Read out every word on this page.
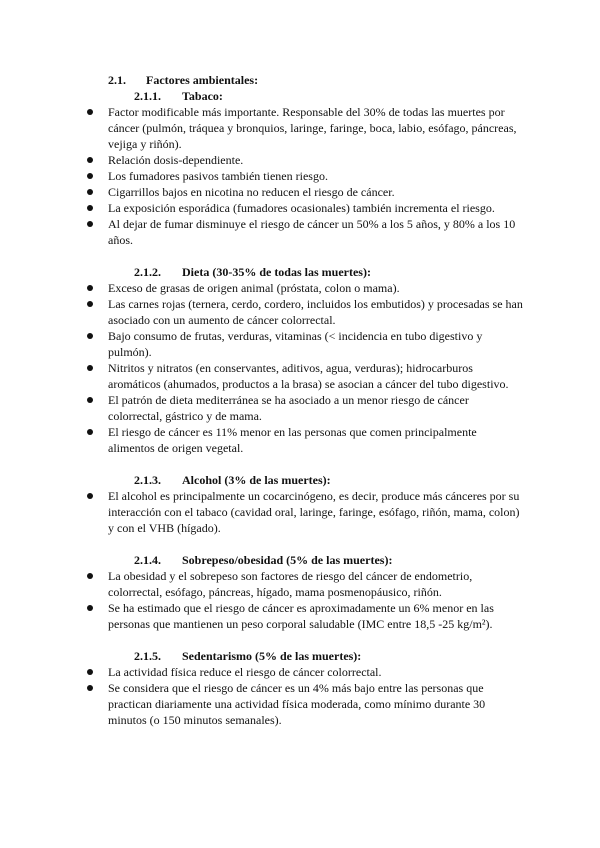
2.1. Factores ambientales:
2.1.1. Tabaco:
Factor modificable más importante. Responsable del 30% de todas las muertes por cáncer (pulmón, tráquea y bronquios, laringe, faringe, boca, labio, esófago, páncreas, vejiga y riñón).
Relación dosis-dependiente.
Los fumadores pasivos también tienen riesgo.
Cigarrillos bajos en nicotina no reducen el riesgo de cáncer.
La exposición esporádica (fumadores ocasionales) también incrementa el riesgo.
Al dejar de fumar disminuye el riesgo de cáncer un 50% a los 5 años, y 80% a los 10 años.
2.1.2. Dieta (30-35% de todas las muertes):
Exceso de grasas de origen animal (próstata, colon o mama).
Las carnes rojas (ternera, cerdo, cordero, incluidos los embutidos) y procesadas se han asociado con un aumento de cáncer colorrectal.
Bajo consumo de frutas, verduras, vitaminas (< incidencia en tubo digestivo y pulmón).
Nitritos y nitratos (en conservantes, aditivos, agua, verduras); hidrocarburos aromáticos (ahumados, productos a la brasa) se asocian a cáncer del tubo digestivo.
El patrón de dieta mediterránea se ha asociado a un menor riesgo de cáncer colorrectal, gástrico y de mama.
El riesgo de cáncer es 11% menor en las personas que comen principalmente alimentos de origen vegetal.
2.1.3. Alcohol (3% de las muertes):
El alcohol es principalmente un cocarcinógeno, es decir, produce más cánceres por su interacción con el tabaco (cavidad oral, laringe, faringe, esófago, riñón, mama, colon) y con el VHB (hígado).
2.1.4. Sobrepeso/obesidad (5% de las muertes):
La obesidad y el sobrepeso son factores de riesgo del cáncer de endometrio, colorrectal, esófago, páncreas, hígado, mama posmenopáusico, riñón.
Se ha estimado que el riesgo de cáncer es aproximadamente un 6% menor en las personas que mantienen un peso corporal saludable (IMC entre 18,5 -25 kg/m²).
2.1.5. Sedentarismo (5% de las muertes):
La actividad física reduce el riesgo de cáncer colorrectal.
Se considera que el riesgo de cáncer es un 4% más bajo entre las personas que practican diariamente una actividad física moderada, como mínimo durante 30 minutos (o 150 minutos semanales).
